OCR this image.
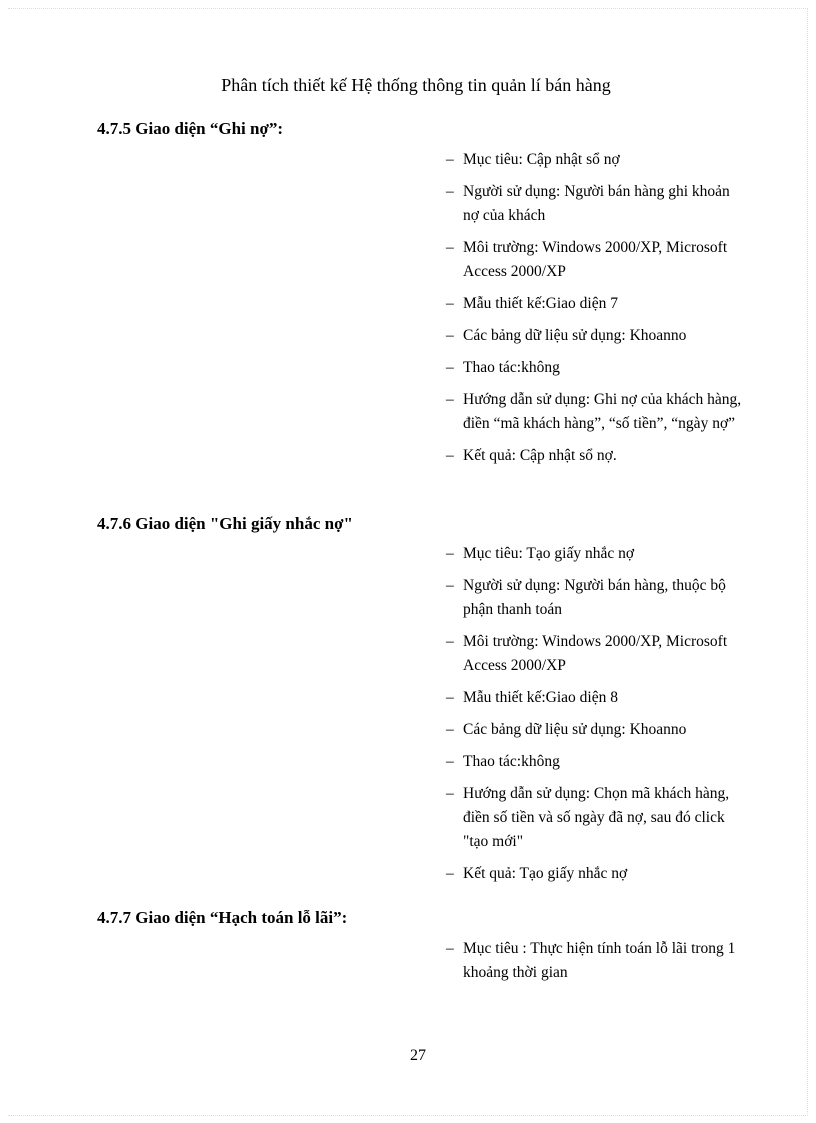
Phân tích thiết kế Hệ thống thông tin quản lí bán hàng
4.7.5 Giao diện “Ghi nợ”:
– Mục tiêu: Cập nhật sổ nợ
– Người sử dụng: Người bán hàng ghi khoản nợ của khách
– Môi trường: Windows 2000/XP, Microsoft Access 2000/XP
– Mẫu thiết kế:Giao diện 7
– Các bảng dữ liệu sử dụng: Khoanno
– Thao tác:không
– Hướng dẫn sử dụng: Ghi nợ của khách hàng, điền “mã khách hàng”, “số tiền”, “ngày nợ”
– Kết quả: Cập nhật sổ nợ.
4.7.6 Giao diện "Ghi giấy nhắc nợ"
– Mục tiêu: Tạo giấy nhắc nợ
– Người sử dụng: Người bán hàng, thuộc bộ phận thanh toán
– Môi trường: Windows 2000/XP, Microsoft Access 2000/XP
– Mẫu thiết kế:Giao diện 8
– Các bảng dữ liệu sử dụng: Khoanno
– Thao tác:không
– Hướng dẫn sử dụng: Chọn mã khách hàng, điền số tiền và số ngày đã nợ, sau đó click "tạo mới"
– Kết quả: Tạo giấy nhắc nợ
4.7.7 Giao diện “Hạch toán lỗ lãi”:
– Mục tiêu : Thực hiện tính toán lỗ lãi trong 1 khoảng thời gian
27
